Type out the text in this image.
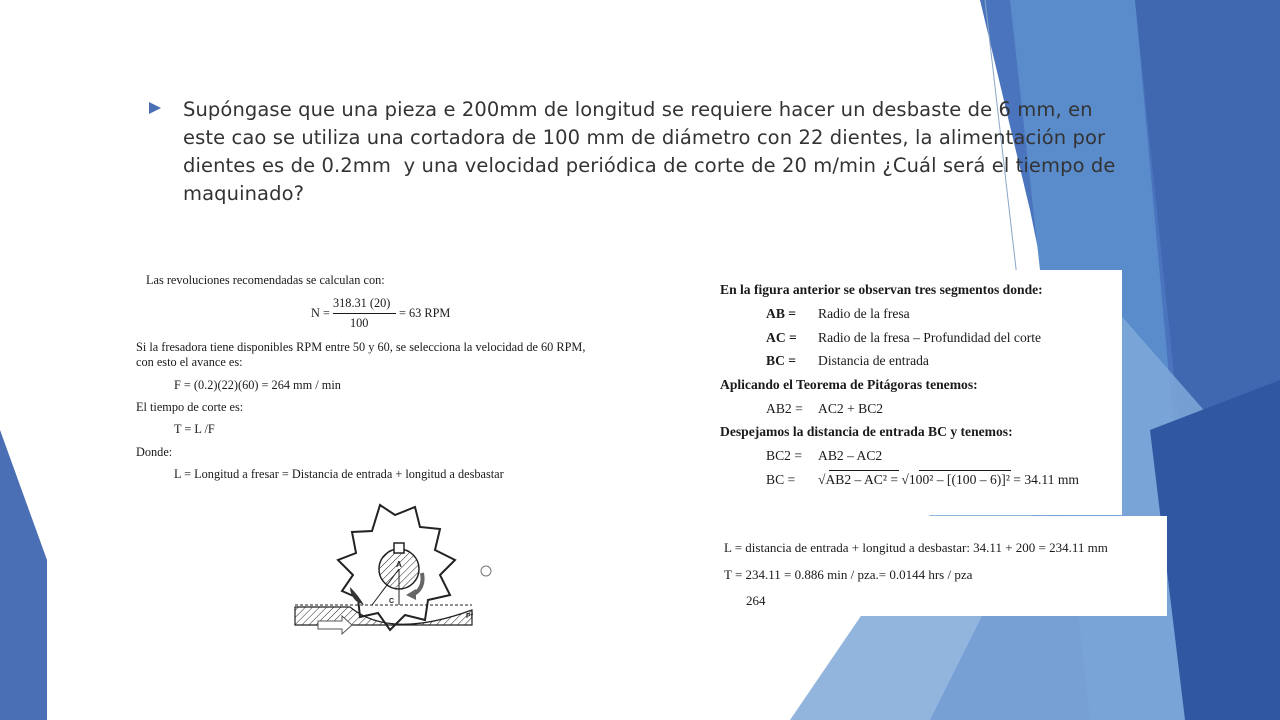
Supóngase que una pieza e 200mm de longitud se requiere hacer un desbaste de 6 mm, en este cao se utiliza una cortadora de 100 mm de diámetro con 22 dientes, la alimentación por dientes es de 0.2mm  y una velocidad periódica de corte de 20 m/min ¿Cuál será el tiempo de maquinado?
Las revoluciones recomendadas se calculan con:
N =
318.31 (20)
100
= 63 RPM
Si la fresadora tiene disponibles RPM entre 50 y 60, se selecciona la velocidad de 60 RPM,
con esto el avance es:
F = (0.2)(22)(60) = 264 mm / min
El tiempo de corte es:
T = L /F
Donde:
L = Longitud a fresar = Distancia de entrada + longitud a desbastar
A
C
Pf
En la figura anterior se observan tres segmentos donde:
AB = Radio de la fresa
AC = Radio de la fresa – Profundidad del corte
BC = Distancia de entrada
Aplicando el Teorema de Pitágoras tenemos:
AB2 = AC2 + BC2
Despejamos la distancia de entrada BC y tenemos:
BC2 = AB2 – AC2
BC = √AB2 – AC² = √100² – [(100 – 6)]² = 34.11 mm
L = distancia de entrada + longitud a desbastar: 34.11 + 200 = 234.11 mm
T = 234.11 = 0.886 min / pza.= 0.0144 hrs / pza
264
